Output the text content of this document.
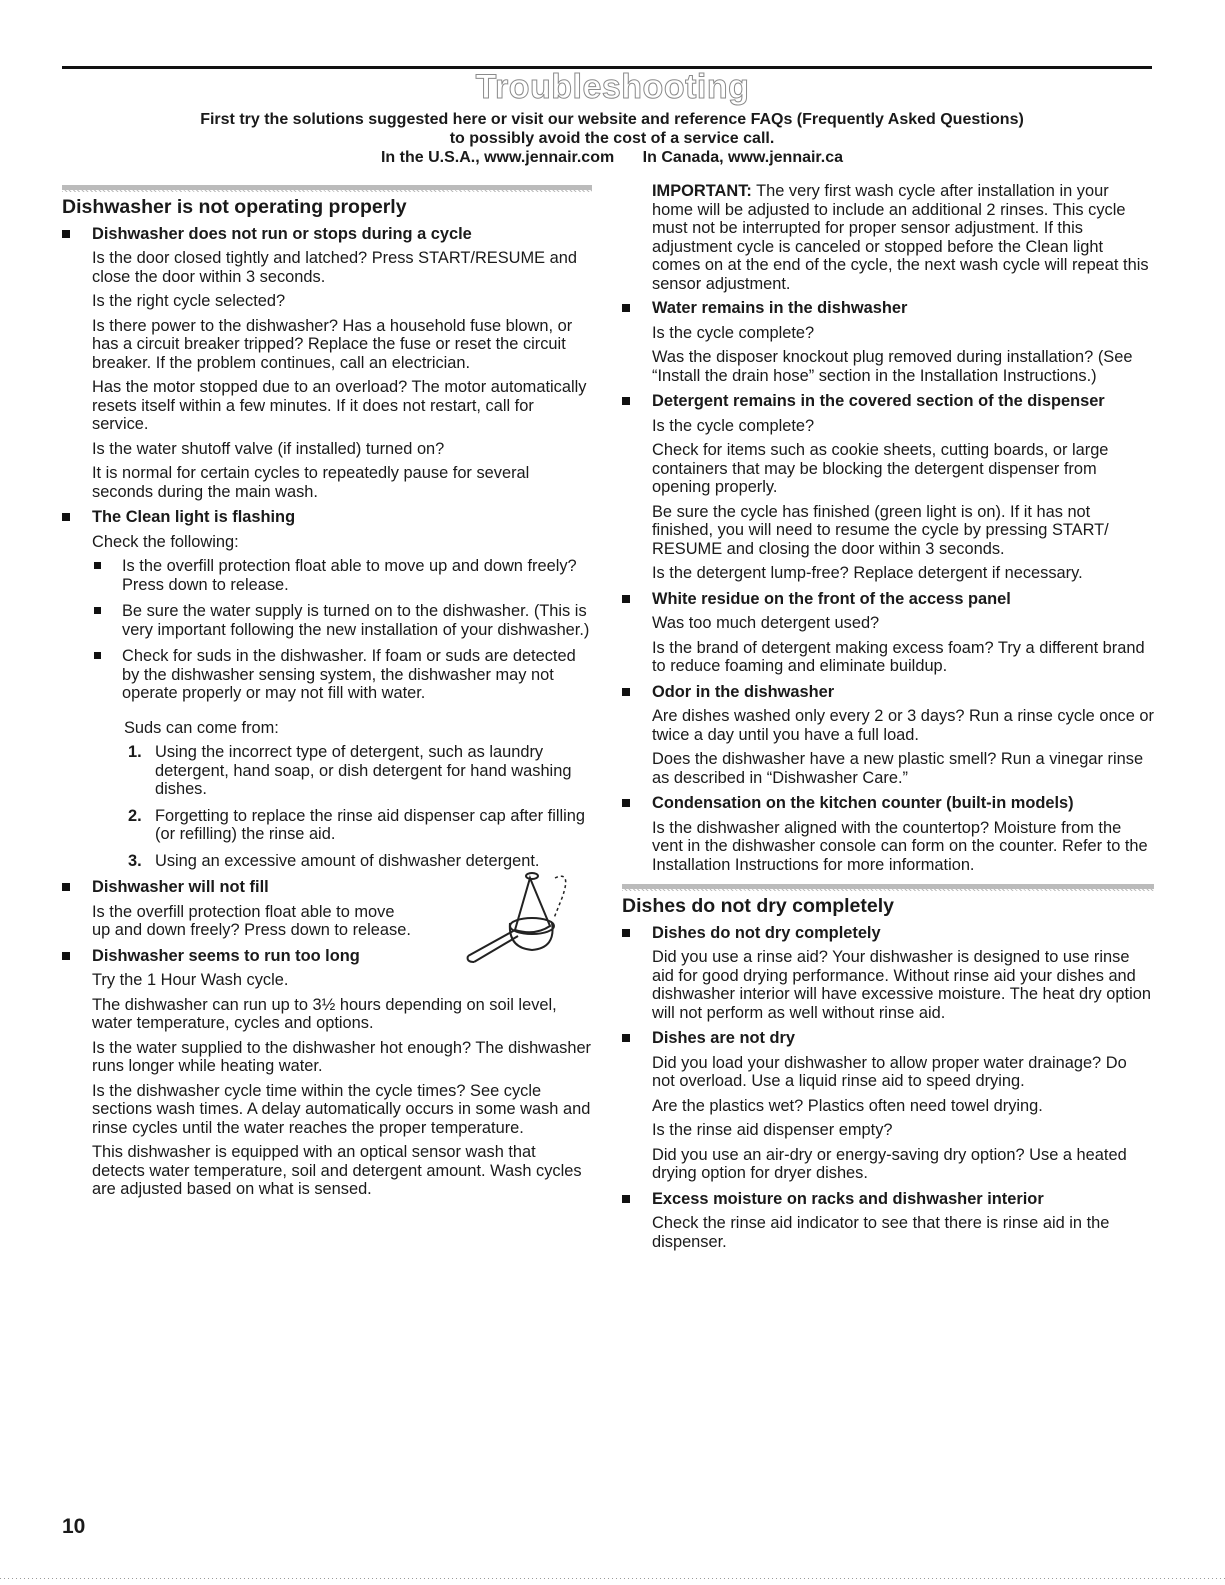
Troubleshooting
First try the solutions suggested here or visit our website and reference FAQs (Frequently Asked Questions)
to possibly avoid the cost of a service call.
In the U.S.A., www.jennair.com In Canada, www.jennair.ca
Dishwasher is not operating properly
Dishwasher does not run or stops during a cycle

Is the door closed tightly and latched? Press START/RESUME and close the door within 3 seconds.

Is the right cycle selected?

Is there power to the dishwasher? Has a household fuse blown, or has a circuit breaker tripped? Replace the fuse or reset the circuit breaker. If the problem continues, call an electrician.

Has the motor stopped due to an overload? The motor automatically resets itself within a few minutes. If it does not restart, call for service.

Is the water shutoff valve (if installed) turned on?

It is normal for certain cycles to repeatedly pause for several seconds during the main wash.

The Clean light is flashing

Check the following:

Is the overfill protection float able to move up and down freely? Press down to release.
Be sure the water supply is turned on to the dishwasher. (This is very important following the new installation of your dishwasher.)
Check for suds in the dishwasher. If foam or suds are detected by the dishwasher sensing system, the dishwasher may not operate properly or may not fill with water.

Suds can come from:

1. Using the incorrect type of detergent, such as laundry detergent, hand soap, or dish detergent for hand washing dishes.
2. Forgetting to replace the rinse aid dispenser cap after filling (or refilling) the rinse aid.
3. Using an excessive amount of dishwasher detergent.
Dishwasher will not fill

Is the overfill protection float able to move up and down freely? Press down to release.

Dishwasher seems to run too long

Try the 1 Hour Wash cycle.

The dishwasher can run up to 3½ hours depending on soil level, water temperature, cycles and options.

Is the water supplied to the dishwasher hot enough? The dishwasher runs longer while heating water.

Is the dishwasher cycle time within the cycle times? See cycle sections wash times. A delay automatically occurs in some wash and rinse cycles until the water reaches the proper temperature.

This dishwasher is equipped with an optical sensor wash that detects water temperature, soil and detergent amount. Wash cycles are adjusted based on what is sensed.

IMPORTANT: The very first wash cycle after installation in your home will be adjusted to include an additional 2 rinses. This cycle must not be interrupted for proper sensor adjustment. If this adjustment cycle is canceled or stopped before the Clean light comes on at the end of the cycle, the next wash cycle will repeat this sensor adjustment.

Water remains in the dishwasher

Is the cycle complete?

Was the disposer knockout plug removed during installation? (See “Install the drain hose” section in the Installation Instructions.)

Detergent remains in the covered section of the dispenser

Is the cycle complete?

Check for items such as cookie sheets, cutting boards, or large containers that may be blocking the detergent dispenser from opening properly.

Be sure the cycle has finished (green light is on). If it has not finished, you will need to resume the cycle by pressing START/ RESUME and closing the door within 3 seconds.

Is the detergent lump-free? Replace detergent if necessary.

White residue on the front of the access panel

Was too much detergent used?

Is the brand of detergent making excess foam? Try a different brand to reduce foaming and eliminate buildup.

Odor in the dishwasher

Are dishes washed only every 2 or 3 days? Run a rinse cycle once or twice a day until you have a full load.

Does the dishwasher have a new plastic smell? Run a vinegar rinse as described in “Dishwasher Care.”

Condensation on the kitchen counter (built-in models)

Is the dishwasher aligned with the countertop? Moisture from the vent in the dishwasher console can form on the counter. Refer to the Installation Instructions for more information.

Dishes do not dry completely
Dishes do not dry completely

Did you use a rinse aid? Your dishwasher is designed to use rinse aid for good drying performance. Without rinse aid your dishes and dishwasher interior will have excessive moisture. The heat dry option will not perform as well without rinse aid.

Dishes are not dry

Did you load your dishwasher to allow proper water drainage? Do not overload. Use a liquid rinse aid to speed drying.

Are the plastics wet? Plastics often need towel drying.

Is the rinse aid dispenser empty?

Did you use an air-dry or energy-saving dry option? Use a heated drying option for dryer dishes.

Excess moisture on racks and dishwasher interior

Check the rinse aid indicator to see that there is rinse aid in the dispenser.

10
